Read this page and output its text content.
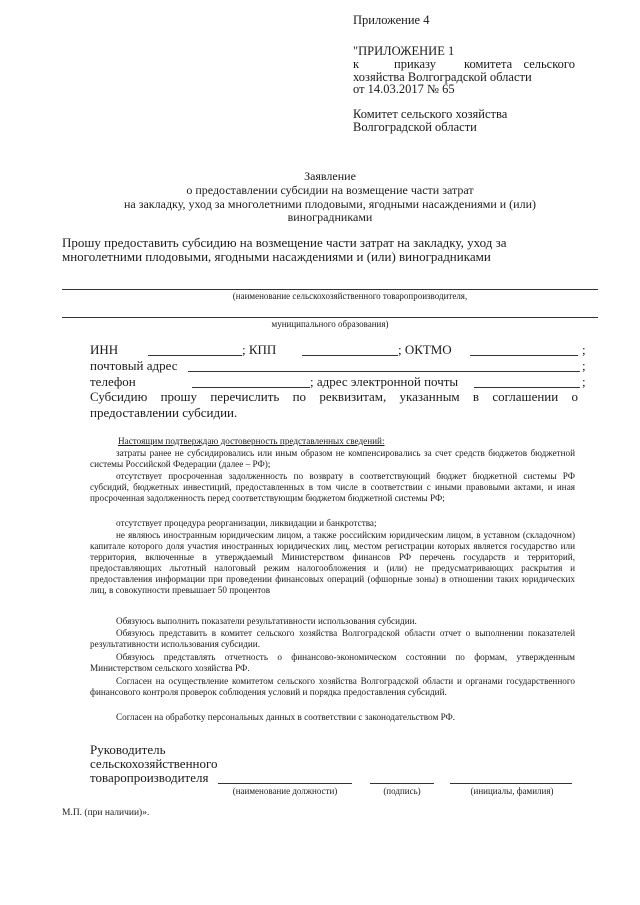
Приложение 4
"ПРИЛОЖЕНИЕ 1
к	приказу комитета сельского
хозяйства Волгоградской области
от 14.03.2017 № 65
Комитет сельского хозяйства
Волгоградской области
Заявление
о предоставлении субсидии на возмещение части затрат
на закладку, уход за многолетними плодовыми, ягодными насаждениями и (или)
виноградниками
Прошу предоставить субсидию на возмещение части затрат на закладку, уход за
многолетними плодовыми, ягодными насаждениями и (или) виноградниками
(наименование сельскохозяйственного товаропроизводителя,
муниципального образования)
ИНН	; КПП	; ОКТМО	;
почтовый адрес	;
телефон	; адрес электронной почты	;
Субсидию прошу перечислить по реквизитам, указанным в соглашении о
предоставлении субсидии.
Настоящим подтверждаю достоверность представленных сведений:
затраты ранее не субсидировались или иным образом не компенсировались за счет средств бюджетов бюджетной системы Российской Федерации (далее – РФ);
отсутствует просроченная задолженность по возврату в соответствующий бюджет бюджетной системы РФ субсидий, бюджетных инвестиций, предоставленных в том числе в соответствии с иными правовыми актами, и иная просроченная задолженность перед соответствующим бюджетом бюджетной системы РФ;
отсутствует процедура реорганизации, ликвидации и банкротства;
не являюсь иностранным юридическим лицом, а также российским юридическим лицом, в уставном (складочном) капитале которого доля участия иностранных юридических лиц, местом регистрации которых является государство или территория, включенные в утверждаемый Министерством финансов РФ перечень государств и территорий, предоставляющих льготный налоговый режим налогообложения и (или) не предусматривающих раскрытия и предоставления информации при проведении финансовых операций (офшорные зоны) в отношении таких юридических лиц, в совокупности превышает 50 процентов
Обязуюсь выполнить показатели результативности использования субсидии.
Обязуюсь представить в комитет сельского хозяйства Волгоградской области отчет о выполнении показателей результативности использования субсидии.
Обязуюсь представлять отчетность о финансово-экономическом состоянии по формам, утвержденным Министерством сельского хозяйства РФ.
Согласен на осуществление комитетом сельского хозяйства Волгоградской области и органами государственного финансового контроля проверок соблюдения условий и порядка предоставления субсидий.
Согласен на обработку персональных данных в соответствии с законодательством РФ.
Руководитель
сельскохозяйственного
товаропроизводителя
(наименование должности)	(подпись)	(инициалы, фамилия)
М.П. (при наличии)».
